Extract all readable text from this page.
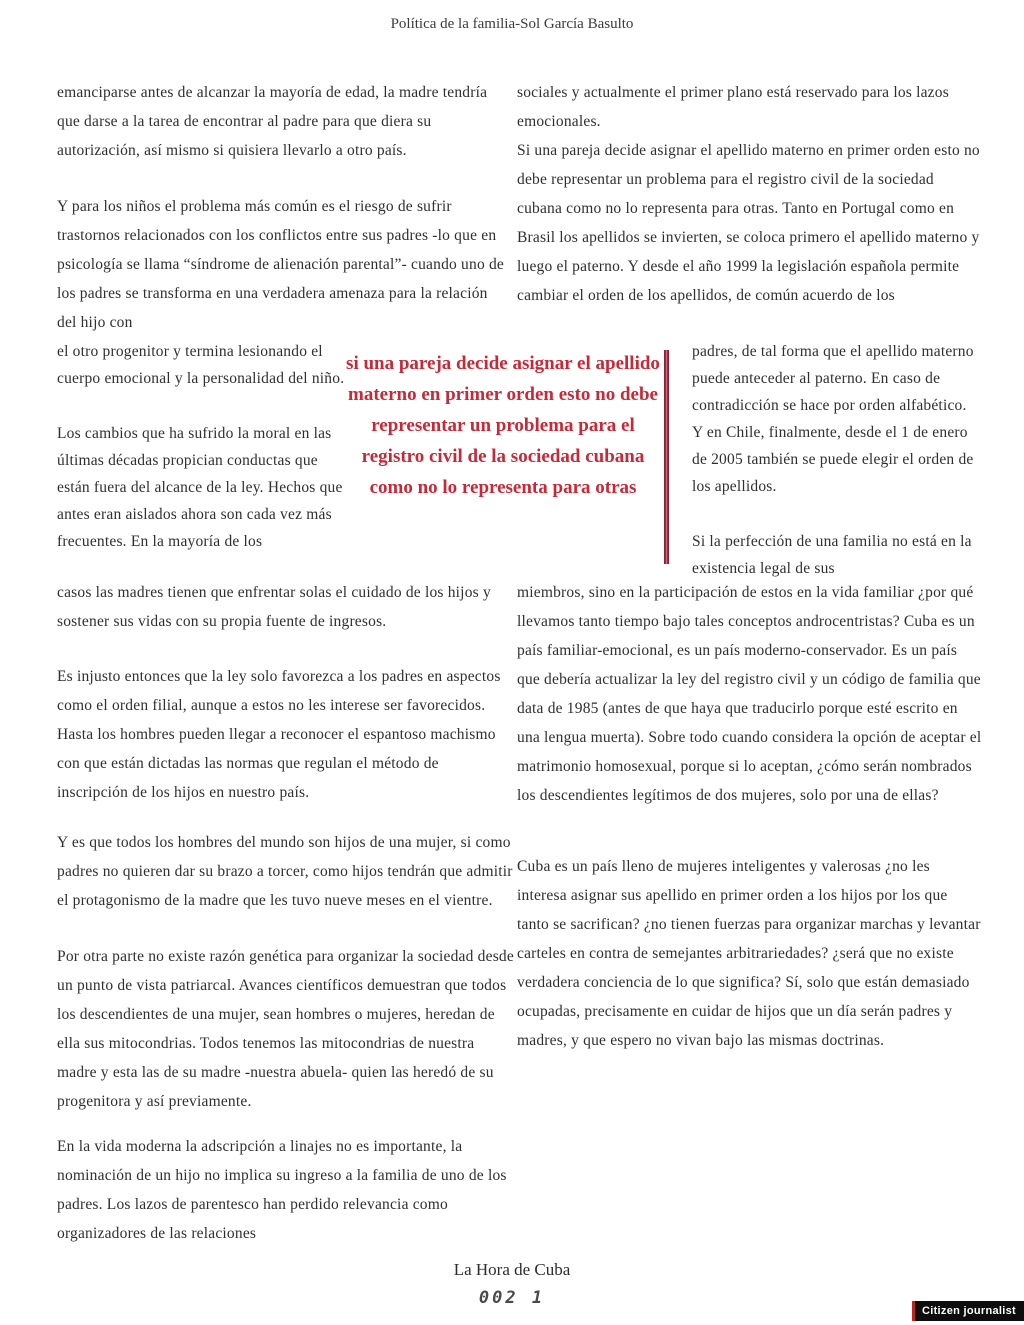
Política de la familia-Sol García Basulto
emanciparse antes de alcanzar la mayoría de edad, la madre tendría que darse a la tarea de encontrar al padre para que diera su autorización, así mismo si quisiera llevarlo a otro país.
Y para los niños el problema más común es el riesgo de sufrir trastornos relacionados con los conflictos entre sus padres -lo que en psicología se llama “síndrome de alienación parental”- cuando uno de los padres se transforma en una verdadera amenaza para la relación del hijo con
el otro progenitor y termina lesionando el cuerpo emocional y la personalidad del niño.
Los cambios que ha sufrido la moral en las últimas décadas propician conductas que están fuera del alcance de la ley. Hechos que antes eran aislados ahora son cada vez más frecuentes. En la mayoría de los
casos las madres tienen que enfrentar solas el cuidado de los hijos y sostener sus vidas con su propia fuente de ingresos.
Es injusto entonces que la ley solo favorezca a los padres en aspectos como el orden filial, aunque a estos no les interese ser favorecidos. Hasta los hombres pueden llegar a reconocer el espantoso machismo con que están dictadas las normas que regulan el método de inscripción de los hijos en nuestro país.
Y es que todos los hombres del mundo son hijos de una mujer, si como padres no quieren dar su brazo a torcer, como hijos tendrán que admitir el protagonismo de la madre que les tuvo nueve meses en el vientre.
Por otra parte no existe razón genética para organizar la sociedad desde un punto de vista patriarcal. Avances científicos demuestran que todos los descendientes de una mujer, sean hombres o mujeres, heredan de ella sus mitocondrias. Todos tenemos las mitocondrias de nuestra madre y esta las de su madre -nuestra abuela- quien las heredó de su progenitora y así previamente.
En la vida moderna la adscripción a linajes no es importante, la nominación de un hijo no implica su ingreso a la familia de uno de los padres. Los lazos de parentesco han perdido relevancia como organizadores de las relaciones
si una pareja decide asignar el apellido materno en primer orden esto no debe representar un problema para el registro civil de la sociedad cubana como no lo representa para otras
sociales y actualmente el primer plano está reservado para los lazos emocionales.
Si una pareja decide asignar el apellido materno en primer orden esto no debe representar un problema para el registro civil de la sociedad cubana como no lo representa para otras. Tanto en Portugal como en Brasil los apellidos se invierten, se coloca primero el apellido materno y luego el paterno. Y desde el año 1999 la legislación española permite cambiar el orden de los apellidos, de común acuerdo de los
padres, de tal forma que el apellido materno puede anteceder al paterno. En caso de contradicción se hace por orden alfabético. Y en Chile, finalmente, desde el 1 de enero de 2005 también se puede elegir el orden de los apellidos.
Si la perfección de una familia no está en la existencia legal de sus
miembros, sino en la participación de estos en la vida familiar ¿por qué llevamos tanto tiempo bajo tales conceptos androcentristas? Cuba es un país familiar-emocional, es un país moderno-conservador. Es un país que debería actualizar la ley del registro civil y un código de familia que data de 1985 (antes de que haya que traducirlo porque esté escrito en una lengua muerta). Sobre todo cuando considera la opción de aceptar el matrimonio homosexual, porque si lo aceptan, ¿cómo serán nombrados los descendientes legítimos de dos mujeres, solo por una de ellas?
Cuba es un país lleno de mujeres inteligentes y valerosas ¿no les interesa asignar sus apellido en primer orden a los hijos por los que tanto se sacrifican? ¿no tienen fuerzas para organizar marchas y levantar carteles en contra de semejantes arbitrariedades? ¿será que no existe verdadera conciencia de lo que significa? Sí, solo que están demasiado ocupadas, precisamente en cuidar de hijos que un día serán padres y madres, y que espero no vivan bajo las mismas doctrinas.
La Hora de Cuba
002 1
Citizen journalist
